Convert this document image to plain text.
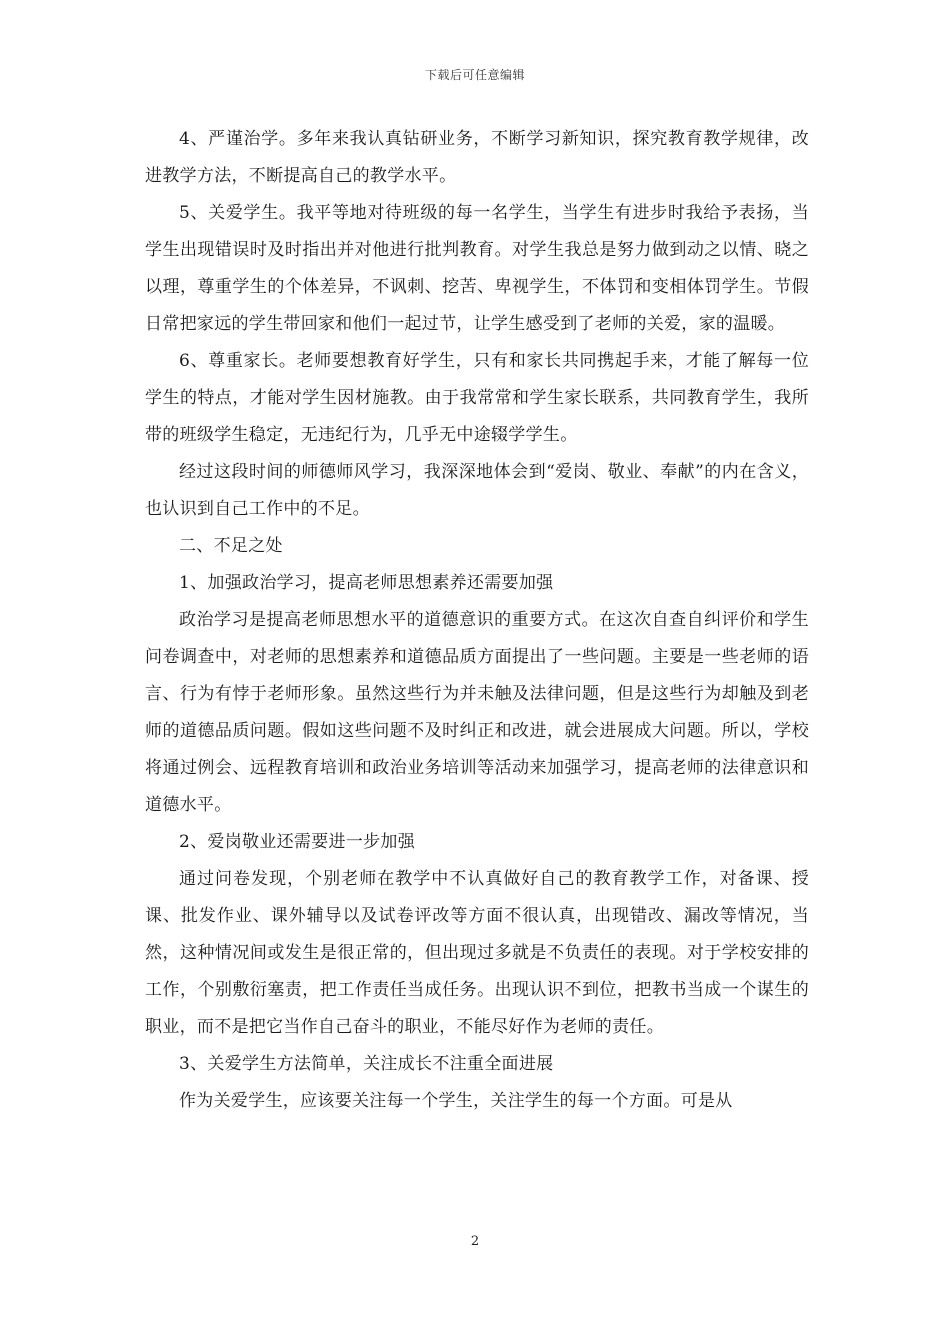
下载后可任意编辑

4、严谨治学。多年来我认真钻研业务，不断学习新知识，探究教育教学规律，改进教学方法，不断提高自己的教学水平。

5、关爱学生。我平等地对待班级的每一名学生，当学生有进步时我给予表扬，当学生出现错误时及时指出并对他进行批判教育。对学生我总是努力做到动之以情、晓之以理，尊重学生的个体差异，不讽刺、挖苦、卑视学生，不体罚和变相体罚学生。节假日常把家远的学生带回家和他们一起过节，让学生感受到了老师的关爱，家的温暖。

6、尊重家长。老师要想教育好学生，只有和家长共同携起手来，才能了解每一位学生的特点，才能对学生因材施教。由于我常常和学生家长联系，共同教育学生，我所带的班级学生稳定，无违纪行为，几乎无中途辍学学生。

经过这段时间的师德师风学习，我深深地体会到“爱岗、敬业、奉献”的内在含义，也认识到自己工作中的不足。

二、不足之处

1、加强政治学习，提高老师思想素养还需要加强

政治学习是提高老师思想水平的道德意识的重要方式。在这次自查自纠评价和学生问卷调查中，对老师的思想素养和道德品质方面提出了一些问题。主要是一些老师的语言、行为有悖于老师形象。虽然这些行为并未触及法律问题，但是这些行为却触及到老师的道德品质问题。假如这些问题不及时纠正和改进，就会进展成大问题。所以，学校将通过例会、远程教育培训和政治业务培训等活动来加强学习，提高老师的法律意识和道德水平。

2、爱岗敬业还需要进一步加强

通过问卷发现，个别老师在教学中不认真做好自己的教育教学工作，对备课、授课、批发作业、课外辅导以及试卷评改等方面不很认真，出现错改、漏改等情况，当然，这种情况间或发生是很正常的，但出现过多就是不负责任的表现。对于学校安排的工作，个别敷衍塞责，把工作责任当成任务。出现认识不到位，把教书当成一个谋生的职业，而不是把它当作自己奋斗的职业，不能尽好作为老师的责任。

3、关爱学生方法简单，关注成长不注重全面进展

作为关爱学生，应该要关注每一个学生，关注学生的每一个方面。可是从

2
